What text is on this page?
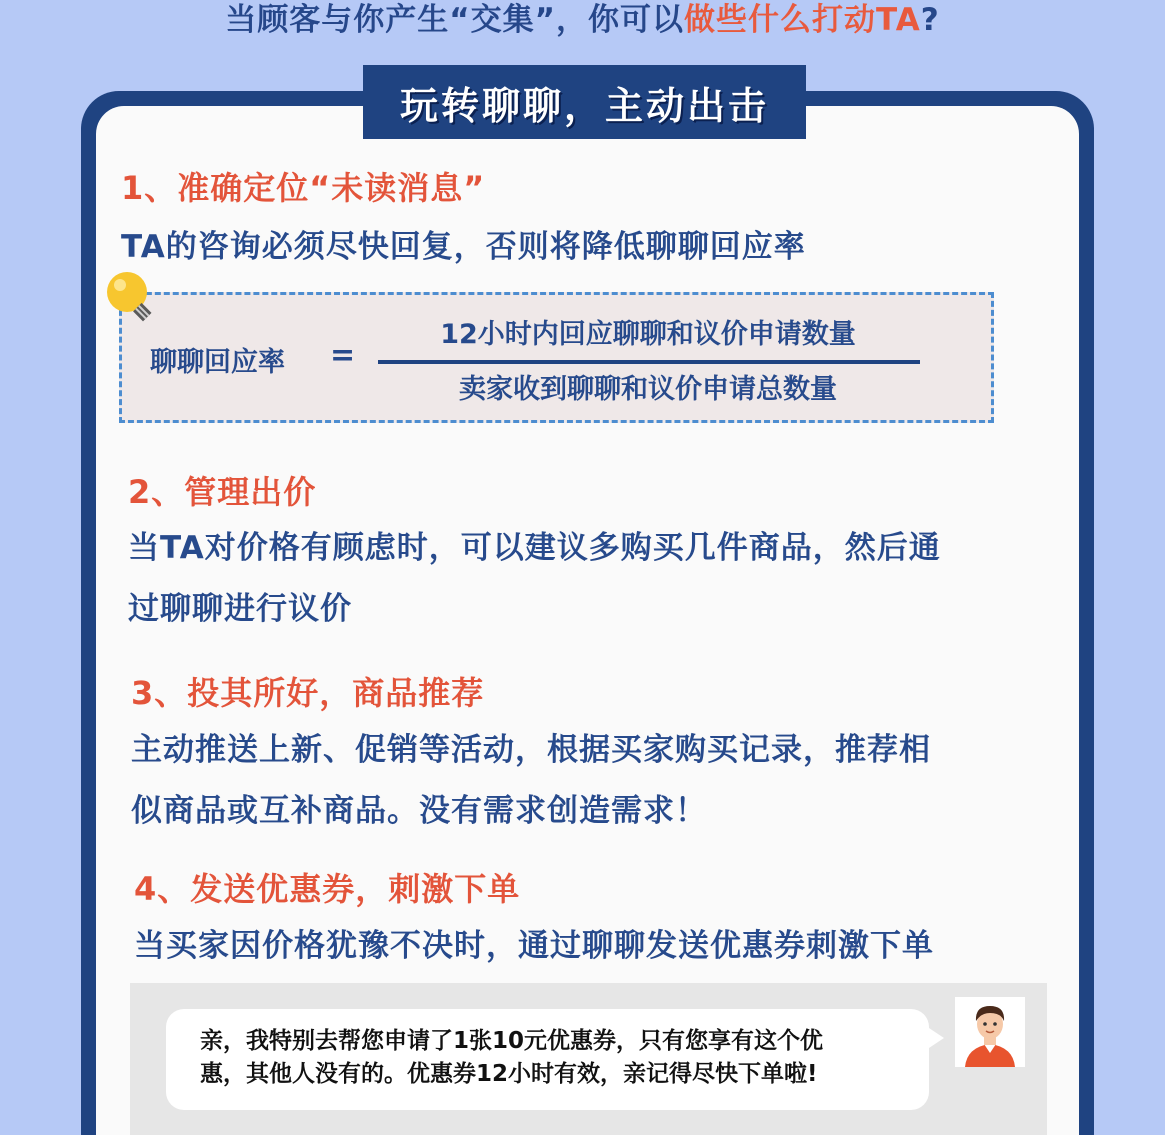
当顾客与你产生“交集”，你可以做些什么打动TA?
玩转聊聊，主动出击
1、准确定位“未读消息”
TA的咨询必须尽快回复，否则将降低聊聊回应率
聊聊回应率 =
12小时内回应聊聊和议价申请数量
卖家收到聊聊和议价申请总数量
2、管理出价
当TA对价格有顾虑时，可以建议多购买几件商品，然后通
过聊聊进行议价
3、投其所好，商品推荐
主动推送上新、促销等活动，根据买家购买记录，推荐相
似商品或互补商品。没有需求创造需求！
4、发送优惠券，刺激下单
当买家因价格犹豫不决时，通过聊聊发送优惠券刺激下单
亲，我特别去帮您申请了1张10元优惠券，只有您享有这个优
惠，其他人没有的。优惠券12小时有效，亲记得尽快下单啦!
